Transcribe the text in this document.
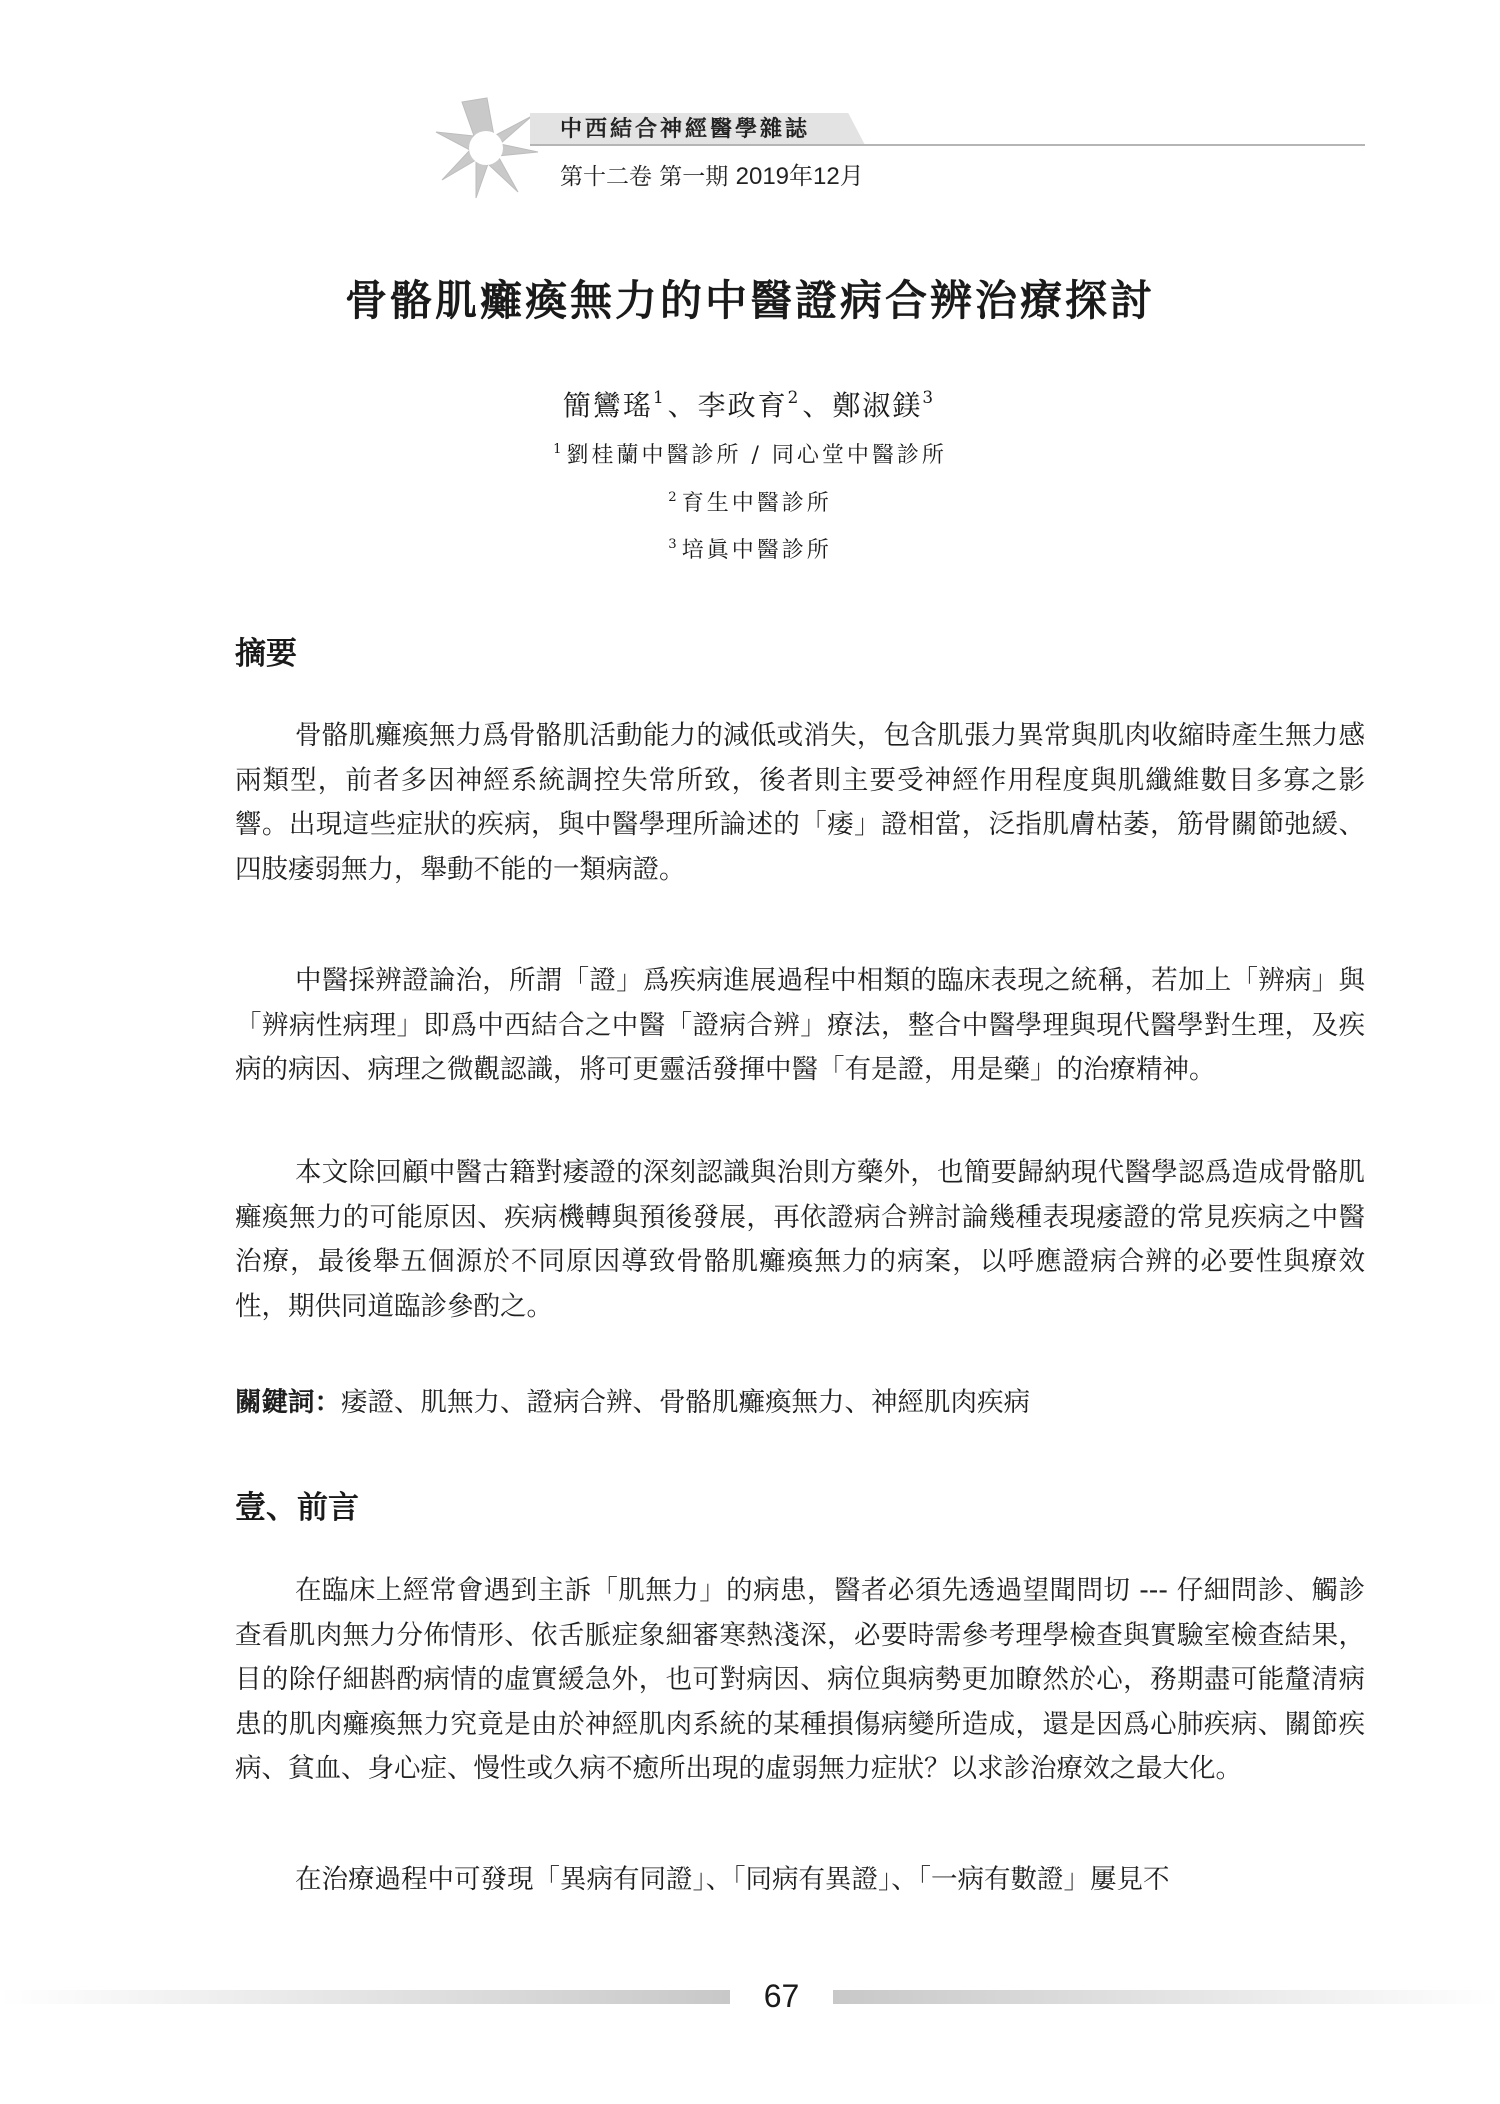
中西結合神經醫學雜誌
第十二卷 第一期 2019年12月
骨骼肌癱瘓無力的中醫證病合辨治療探討
簡鸞瑤$^1$、李政育$^2$、鄭淑鎂$^3$
$^1$劉桂蘭中醫診所 / 同心堂中醫診所
$^2$育生中醫診所
$^3$培眞中醫診所
摘要

骨骼肌癱瘓無力爲骨骼肌活動能力的減低或消失，包含肌張力異常與肌肉收縮時產生無力感兩類型，前者多因神經系統調控失常所致，後者則主要受神經作用程度與肌纖維數目多寡之影響。出現這些症狀的疾病，與中醫學理所論述的「痿」證相當，泛指肌膚枯萎，筋骨關節弛緩、四肢痿弱無力，舉動不能的一類病證。

中醫採辨證論治，所謂「證」爲疾病進展過程中相類的臨床表現之統稱，若加上「辨病」與「辨病性病理」即爲中西結合之中醫「證病合辨」療法，整合中醫學理與現代醫學對生理，及疾病的病因、病理之微觀認識，將可更靈活發揮中醫「有是證，用是藥」的治療精神。

本文除回顧中醫古籍對痿證的深刻認識與治則方藥外，也簡要歸納現代醫學認爲造成骨骼肌癱瘓無力的可能原因、疾病機轉與預後發展，再依證病合辨討論幾種表現痿證的常見疾病之中醫治療，最後舉五個源於不同原因導致骨骼肌癱瘓無力的病案，以呼應證病合辨的必要性與療效性，期供同道臨診參酌之。

關鍵詞：痿證、肌無力、證病合辨、骨骼肌癱瘓無力、神經肌肉疾病
壹、前言

在臨床上經常會遇到主訴「肌無力」的病患，醫者必須先透過望聞問切 --- 仔細問診、觸診查看肌肉無力分佈情形、依舌脈症象細審寒熱淺深，必要時需參考理學檢查與實驗室檢查結果，目的除仔細斟酌病情的虛實緩急外，也可對病因、病位與病勢更加瞭然於心，務期盡可能釐清病患的肌肉癱瘓無力究竟是由於神經肌肉系統的某種損傷病變所造成，還是因爲心肺疾病、關節疾病、貧血、身心症、慢性或久病不癒所出現的虛弱無力症狀？以求診治療效之最大化。

在治療過程中可發現「異病有同證」、「同病有異證」、「一病有數證」屢見不

67
